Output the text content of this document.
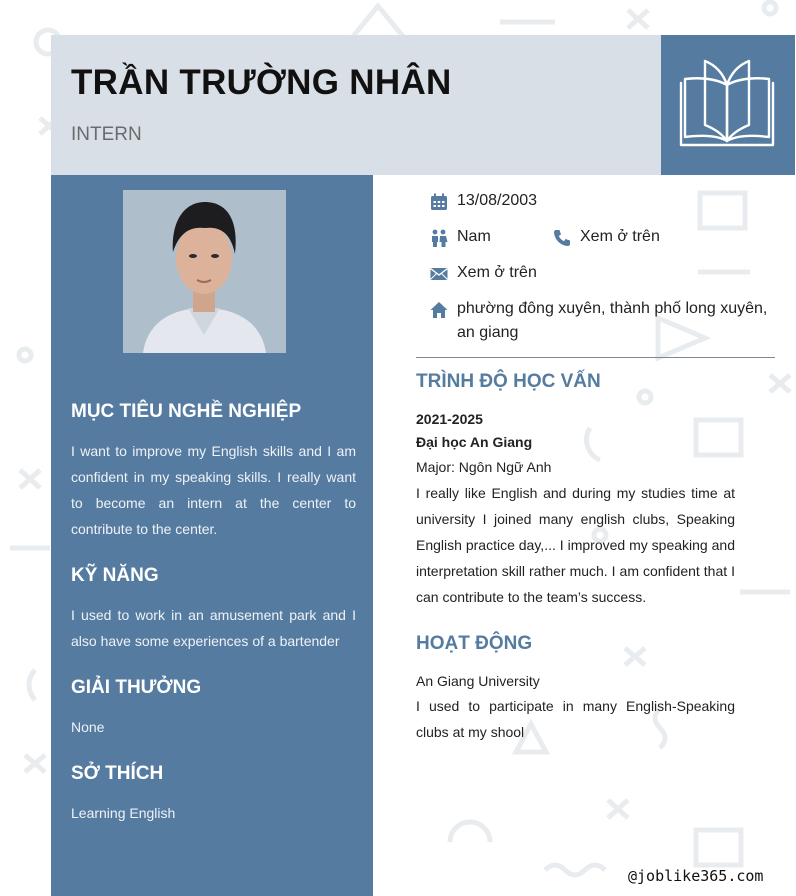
TRẦN TRƯỜNG NHÂN
INTERN
MỤC TIÊU NGHỀ NGHIỆP
I want to improve my English skills and I am confident in my speaking skills. I really want to become an intern at the center to contribute to the center.
KỸ NĂNG
I used to work in an amusement park and I also have some experiences of a bartender
GIẢI THƯỞNG
None
SỞ THÍCH
Learning English
13/08/2003
Nam	Xem ở trên
Xem ở trên
phường đông xuyên, thành phố long xuyên,
an giang
TRÌNH ĐỘ HỌC VẤN
2021-2025
Đại học An Giang
Major: Ngôn Ngữ Anh
I really like English and during my studies time at university I joined many english clubs, Speaking English practice day,... I improved my speaking and interpretation skill rather much. I am confident that I can contribute to the team’s success.
HOẠT ĐỘNG
An Giang University
I used to participate in many English-Speaking clubs at my shool
@joblike365.com
